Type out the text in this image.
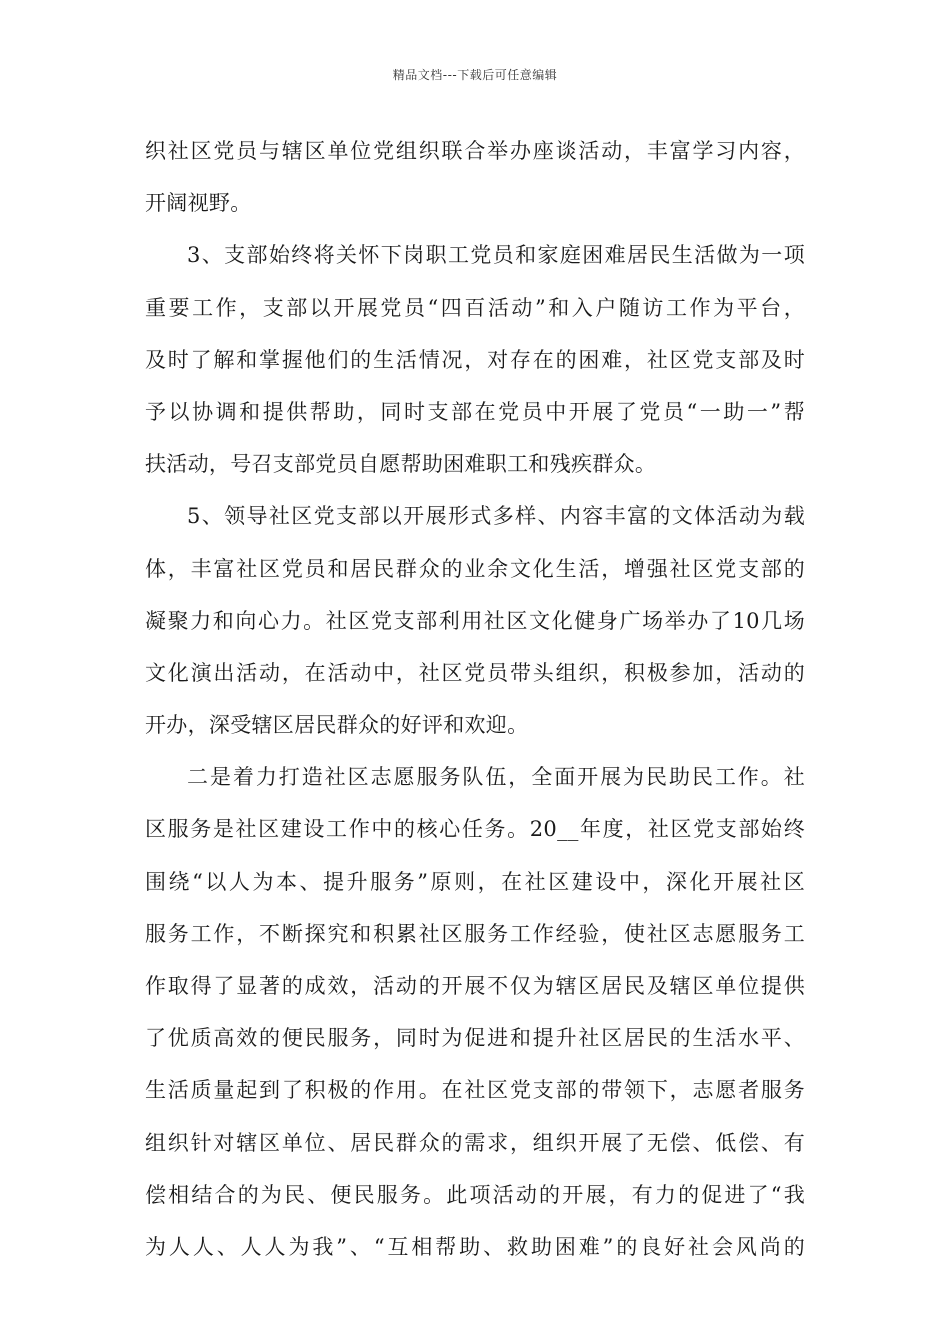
精品文档---下载后可任意编辑
织社区党员与辖区单位党组织联合举办座谈活动，丰富学习内容，
开阔视野。
3、支部始终将关怀下岗职工党员和家庭困难居民生活做为一项
重要工作，支部以开展党员“四百活动”和入户随访工作为平台，
及时了解和掌握他们的生活情况，对存在的困难，社区党支部及时
予以协调和提供帮助，同时支部在党员中开展了党员“一助一”帮
扶活动，号召支部党员自愿帮助困难职工和残疾群众。
5、领导社区党支部以开展形式多样、内容丰富的文体活动为载
体，丰富社区党员和居民群众的业余文化生活，增强社区党支部的
凝聚力和向心力。社区党支部利用社区文化健身广场举办了10几场
文化演出活动，在活动中，社区党员带头组织，积极参加，活动的
开办，深受辖区居民群众的好评和欢迎。
二是着力打造社区志愿服务队伍，全面开展为民助民工作。社
区服务是社区建设工作中的核心任务。20__年度，社区党支部始终
围绕“以人为本、提升服务”原则，在社区建设中，深化开展社区
服务工作，不断探究和积累社区服务工作经验，使社区志愿服务工
作取得了显著的成效，活动的开展不仅为辖区居民及辖区单位提供
了优质高效的便民服务，同时为促进和提升社区居民的生活水平、
生活质量起到了积极的作用。在社区党支部的带领下，志愿者服务
组织针对辖区单位、居民群众的需求，组织开展了无偿、低偿、有
偿相结合的为民、便民服务。此项活动的开展，有力的促进了“我
为人人、人人为我”、“互相帮助、救助困难”的良好社会风尚的
